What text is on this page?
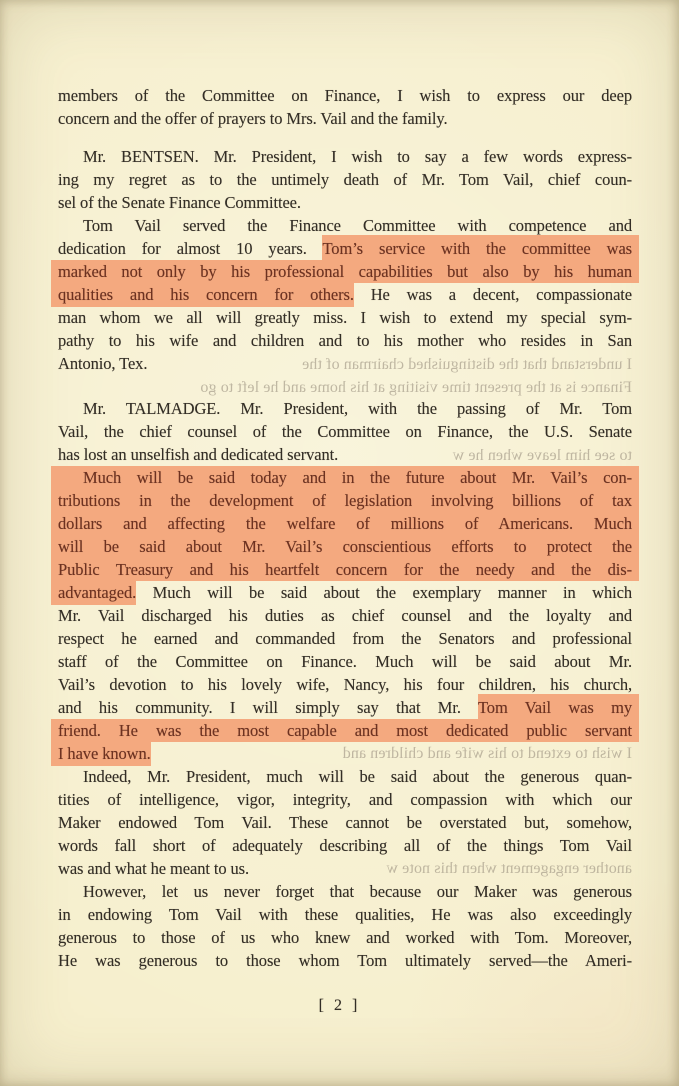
I understand that the distinguished chairman of the
Finance is at the present time visiting at his home and he left to go
to see him leave when he w
I wish to extend to his wife and children and
another engagement when this note w
members of the Committee on Finance, I wish to express our deep
concern and the offer of prayers to Mrs. Vail and the family.
Mr. BENTSEN. Mr. President, I wish to say a few words express-
ing my regret as to the untimely death of Mr. Tom Vail, chief coun-
sel of the Senate Finance Committee.
Tom Vail served the Finance Committee with competence and
dedication for almost 10 years. Tom’s service with the committee was
marked not only by his professional capabilities but also by his human
qualities and his concern for others. He was a decent, compassionate
man whom we all will greatly miss. I wish to extend my special sym-
pathy to his wife and children and to his mother who resides in San
Antonio, Tex.
Mr. TALMADGE. Mr. President, with the passing of Mr. Tom
Vail, the chief counsel of the Committee on Finance, the U.S. Senate
has lost an unselfish and dedicated servant.
Much will be said today and in the future about Mr. Vail’s con-
tributions in the development of legislation involving billions of tax
dollars and affecting the welfare of millions of Americans. Much
will be said about Mr. Vail’s conscientious efforts to protect the
Public Treasury and his heartfelt concern for the needy and the dis-
advantaged. Much will be said about the exemplary manner in which
Mr. Vail discharged his duties as chief counsel and the loyalty and
respect he earned and commanded from the Senators and professional
staff of the Committee on Finance. Much will be said about Mr.
Vail’s devotion to his lovely wife, Nancy, his four children, his church,
and his community. I will simply say that Mr. Tom Vail was my
friend. He was the most capable and most dedicated public servant
I have known.
Indeed, Mr. President, much will be said about the generous quan-
tities of intelligence, vigor, integrity, and compassion with which our
Maker endowed Tom Vail. These cannot be overstated but, somehow,
words fall short of adequately describing all of the things Tom Vail
was and what he meant to us.
However, let us never forget that because our Maker was generous
in endowing Tom Vail with these qualities, He was also exceedingly
generous to those of us who knew and worked with Tom. Moreover,
He was generous to those whom Tom ultimately served—the Ameri-
[ 2 ]
